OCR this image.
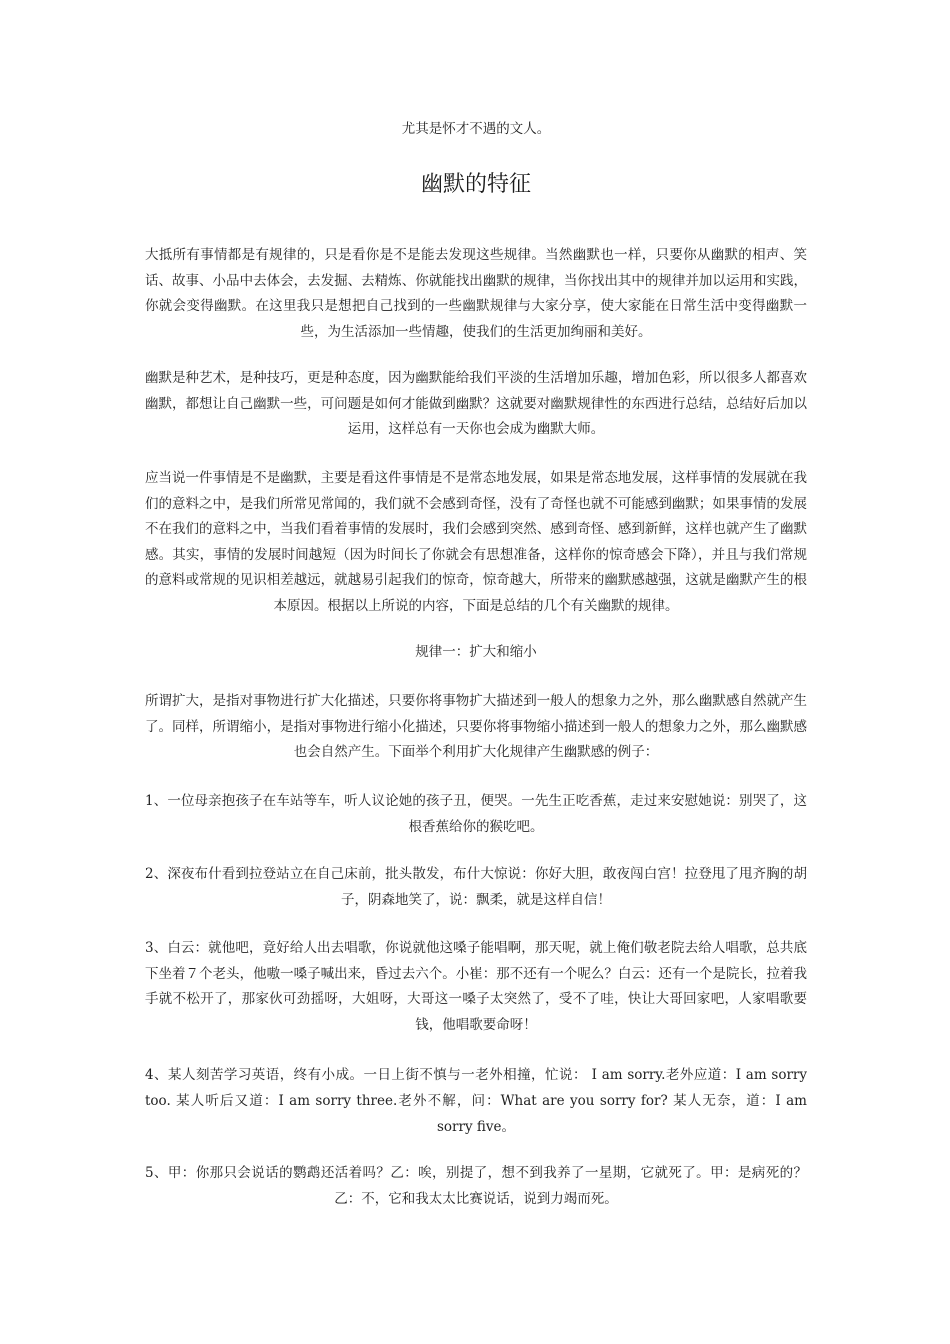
尤其是怀才不遇的文人。

幽默的特征

大抵所有事情都是有规律的，只是看你是不是能去发现这些规律。当然幽默也一样，只要你从幽默的相声、笑话、故事、小品中去体会，去发掘、去精炼、你就能找出幽默的规律，当你找出其中的规律并加以运用和实践，你就会变得幽默。在这里我只是想把自己找到的一些幽默规律与大家分享，使大家能在日常生活中变得幽默一些，为生活添加一些情趣，使我们的生活更加绚丽和美好。

幽默是种艺术，是种技巧，更是种态度，因为幽默能给我们平淡的生活增加乐趣，增加色彩，所以很多人都喜欢幽默，都想让自己幽默一些，可问题是如何才能做到幽默？这就要对幽默规律性的东西进行总结，总结好后加以运用，这样总有一天你也会成为幽默大师。

应当说一件事情是不是幽默，主要是看这件事情是不是常态地发展，如果是常态地发展，这样事情的发展就在我们的意料之中，是我们所常见常闻的，我们就不会感到奇怪，没有了奇怪也就不可能感到幽默；如果事情的发展不在我们的意料之中，当我们看着事情的发展时，我们会感到突然、感到奇怪、感到新鲜，这样也就产生了幽默感。其实，事情的发展时间越短（因为时间长了你就会有思想准备，这样你的惊奇感会下降），并且与我们常规的意料或常规的见识相差越远，就越易引起我们的惊奇，惊奇越大，所带来的幽默感越强，这就是幽默产生的根本原因。根据以上所说的内容，下面是总结的几个有关幽默的规律。

规律一：扩大和缩小

所谓扩大，是指对事物进行扩大化描述，只要你将事物扩大描述到一般人的想象力之外，那么幽默感自然就产生了。同样，所谓缩小，是指对事物进行缩小化描述，只要你将事物缩小描述到一般人的想象力之外，那么幽默感也会自然产生。下面举个利用扩大化规律产生幽默感的例子：

1、一位母亲抱孩子在车站等车，听人议论她的孩子丑，便哭。一先生正吃香蕉，走过来安慰她说：别哭了，这根香蕉给你的猴吃吧。

2、深夜布什看到拉登站立在自己床前，批头散发，布什大惊说：你好大胆，敢夜闯白宫！拉登甩了甩齐胸的胡子，阴森地笑了，说：飘柔，就是这样自信！

3、白云：就他吧，竟好给人出去唱歌，你说就他这嗓子能唱啊，那天呢，就上俺们敬老院去给人唱歌，总共底下坐着７个老头，他嗷一嗓子喊出来，昏过去六个。小崔：那不还有一个呢么？白云：还有一个是院长，拉着我手就不松开了，那家伙可劲摇呀，大姐呀，大哥这一嗓子太突然了，受不了哇，快让大哥回家吧，人家唱歌要钱，他唱歌要命呀！

4、某人刻苦学习英语，终有小成。一日上街不慎与一老外相撞，忙说： I am sorry.老外应道：I am sorry too. 某人听后又道：I am sorry three.老外不解，问：What are you sorry for? 某人无奈，道：I am sorry five。

5、甲：你那只会说话的鹦鹉还活着吗？乙：唉，别提了，想不到我养了一星期，它就死了。甲：是病死的？乙：不，它和我太太比赛说话，说到力竭而死。
